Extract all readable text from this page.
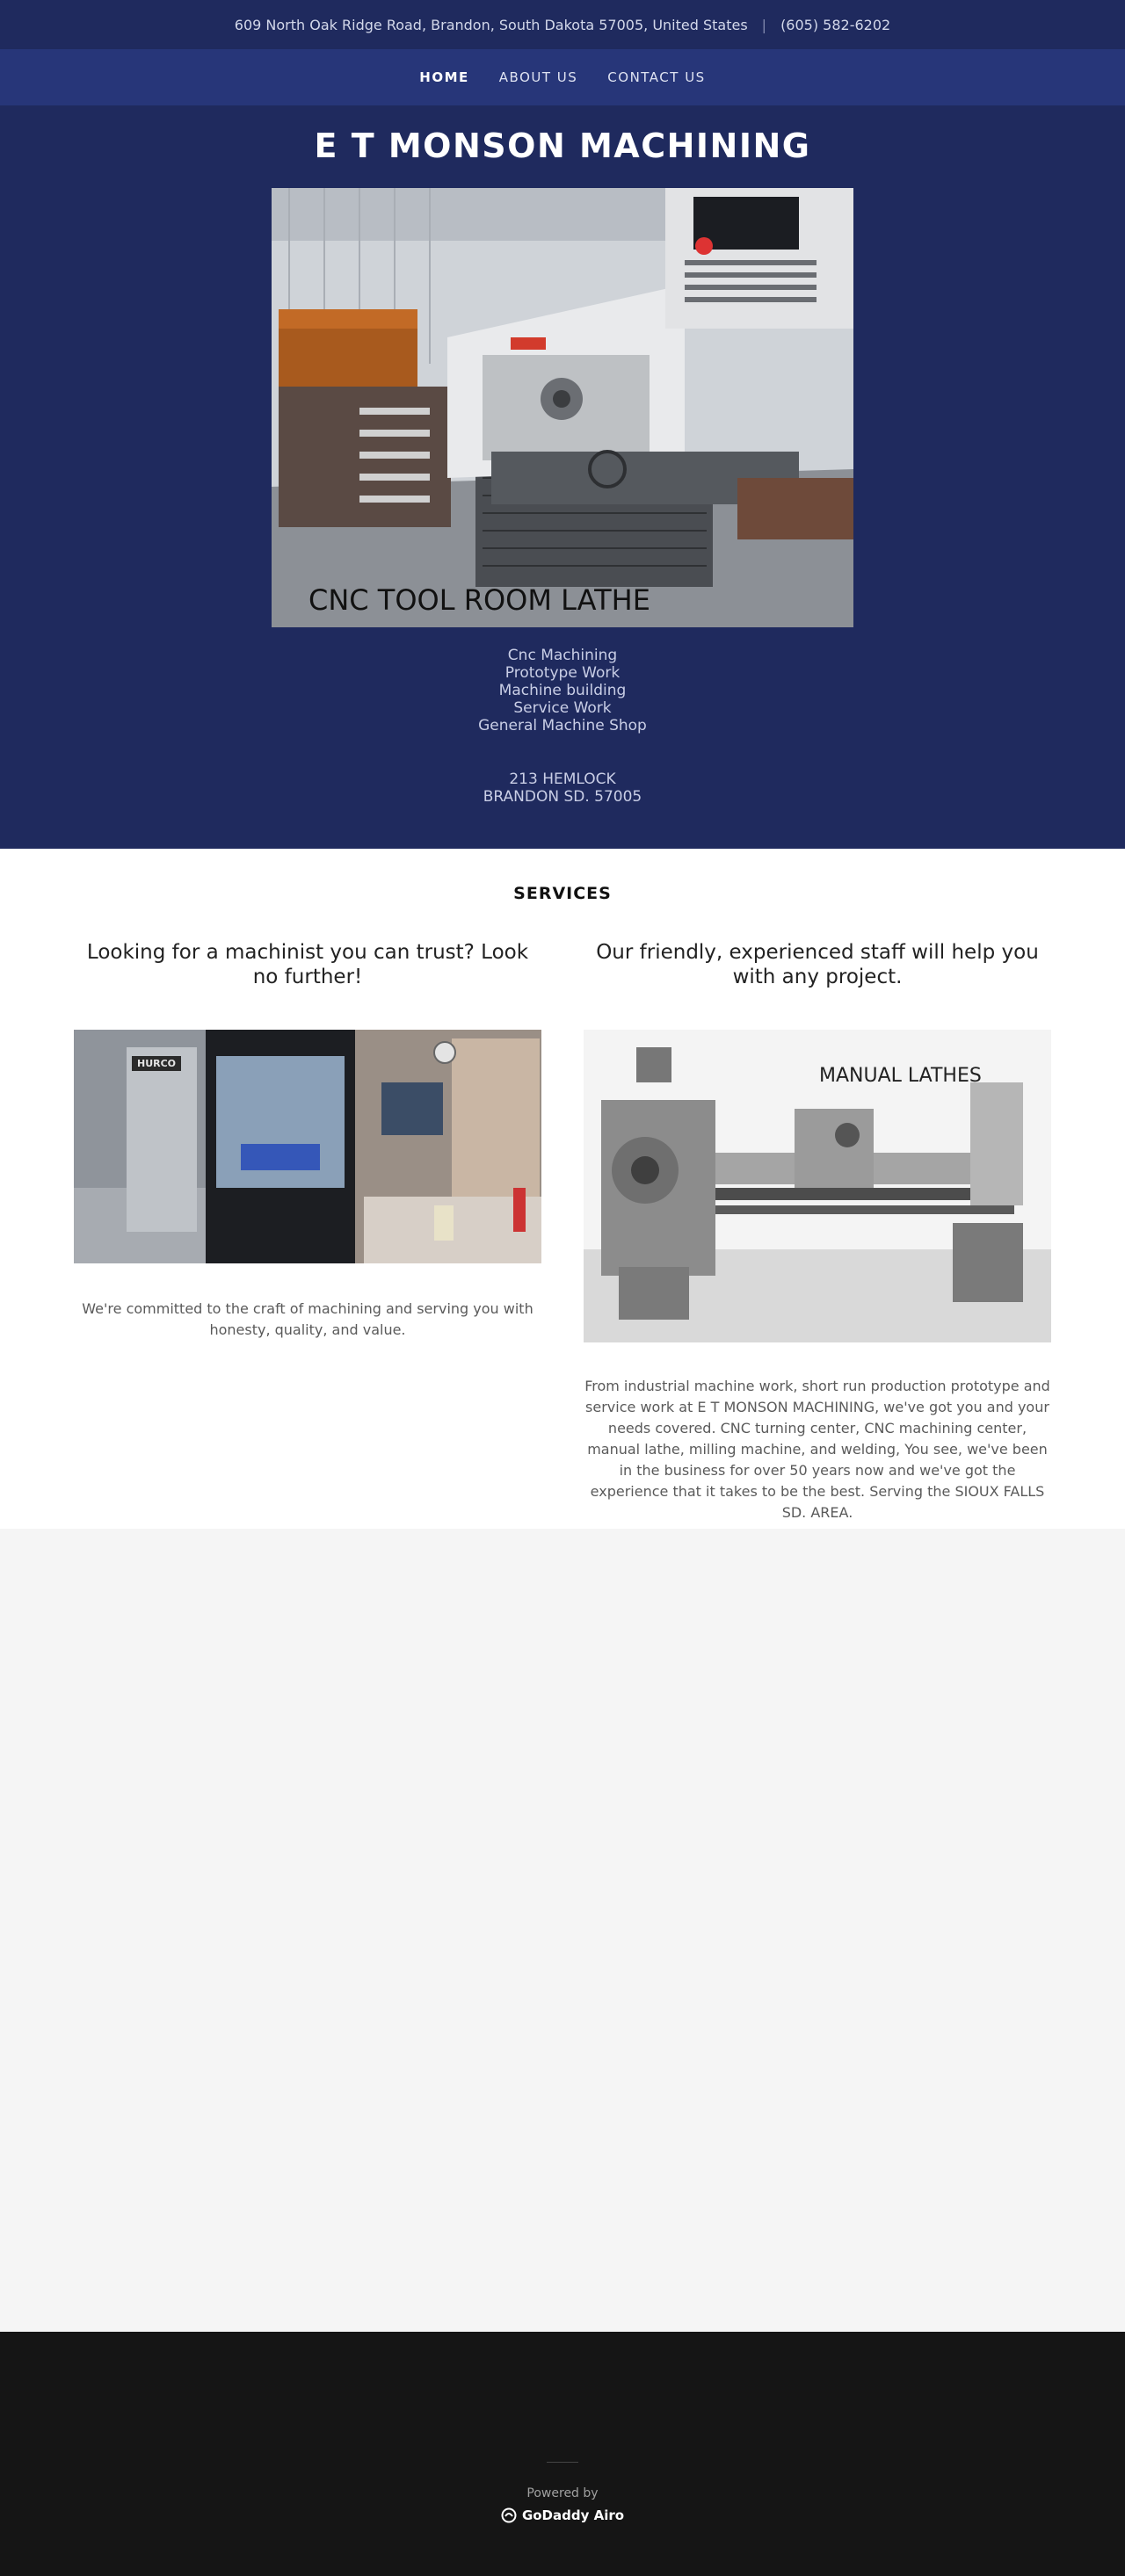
609 North Oak Ridge Road, Brandon, South Dakota 57005, United States | (605) 582-6202
HOME ABOUT US CONTACT US
E T MONSON MACHINING
CNC TOOL ROOM LATHE
Cnc Machining
Prototype Work
Machine building
Service Work
General Machine Shop
213 HEMLOCK
BRANDON SD. 57005
SERVICES
Looking for a machinist you can trust? Look no further!
HURCO

We're committed to the craft of machining and serving you with honesty, quality, and value.

Our friendly, experienced staff will help you with any project.
MANUAL LATHES

From industrial machine work, short run production prototype and service work at E T MONSON MACHINING, we've got you and your needs covered. CNC turning center, CNC machining center, manual lathe, milling machine, and welding, You see, we've been in the business for over 50 years now and we've got the experience that it takes to be the best. Serving the SIOUX FALLS SD. AREA.

Powered by
GoDaddy Airo
